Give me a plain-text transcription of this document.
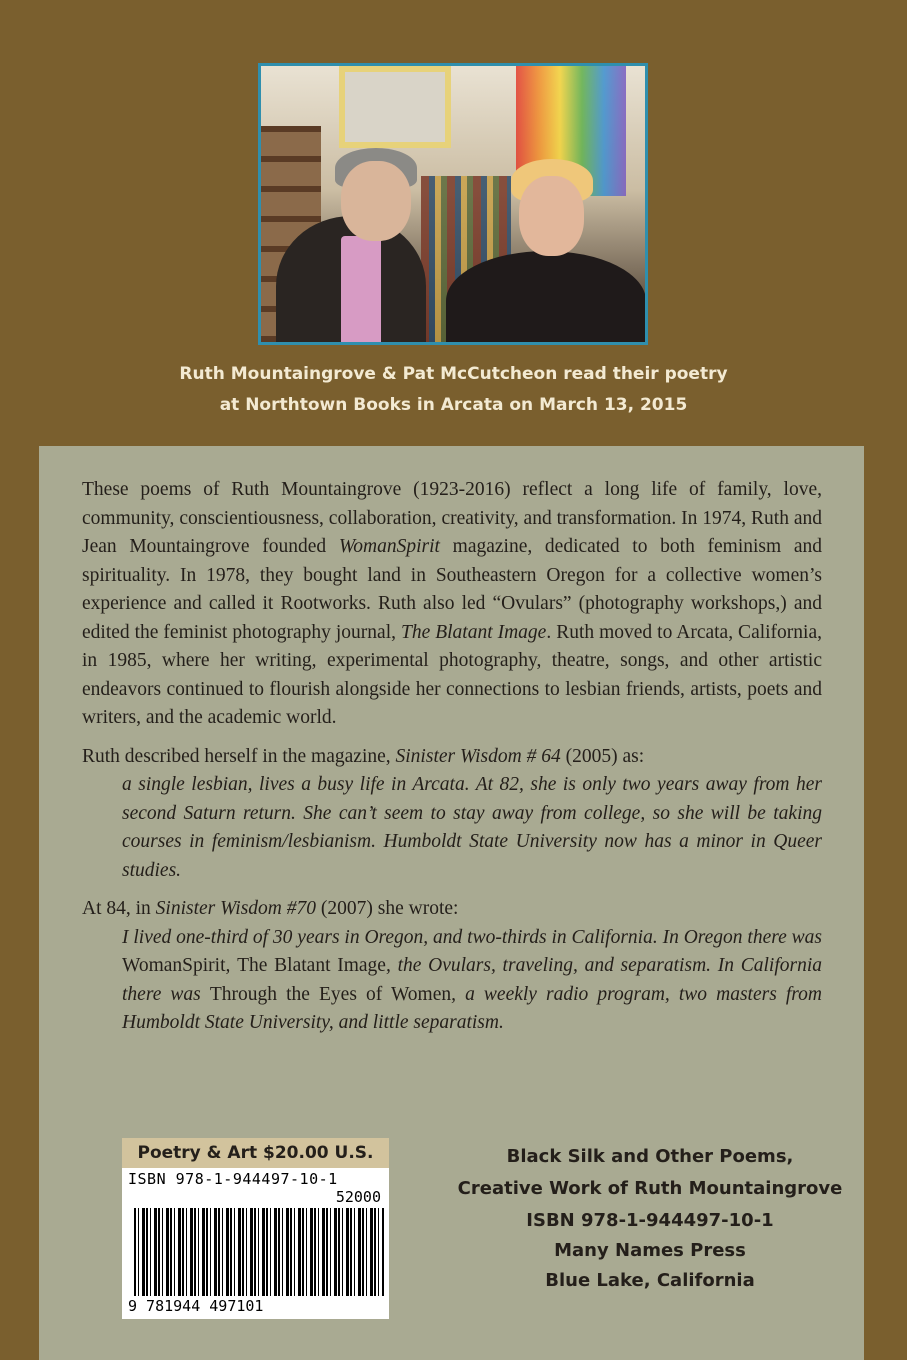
Ruth Mountaingrove & Pat McCutcheon read their poetry
at Northtown Books in Arcata on March 13, 2015

These poems of Ruth Mountaingrove (1923-2016) reflect a long life of family, love, community, conscientiousness, collaboration, creativity, and transformation. In 1974, Ruth and Jean Mountaingrove founded WomanSpirit magazine, dedicated to both feminism and spirituality. In 1978, they bought land in Southeastern Oregon for a collective women’s experience and called it Rootworks. Ruth also led “Ovulars” (photography workshops,) and edited the feminist photography journal, The Blatant Image. Ruth moved to Arcata, California, in 1985, where her writing, experimental photography, theatre, songs, and other artistic endeavors continued to flourish alongside her connections to lesbian friends, artists, poets and writers, and the academic world.

Ruth described herself in the magazine, Sinister Wisdom # 64 (2005) as:

a single lesbian, lives a busy life in Arcata. At 82, she is only two years away from her second Saturn return. She can’t seem to stay away from college, so she will be taking courses in feminism/lesbianism. Humboldt State University now has a minor in Queer studies.

At 84, in Sinister Wisdom #70 (2007) she wrote:

I lived one-third of 30 years in Oregon, and two-thirds in California. In Oregon there was WomanSpirit, The Blatant Image, the Ovulars, traveling, and separatism. In California there was Through the Eyes of Women, a weekly radio program, two masters from Humboldt State University, and little separatism.

Poetry & Art $20.00 U.S.
ISBN 978-1-944497-10-1
52000
9 781944 497101
Black Silk and Other Poems,
Creative Work of Ruth Mountaingrove
ISBN 978-1-944497-10-1
Many Names Press
Blue Lake, California
